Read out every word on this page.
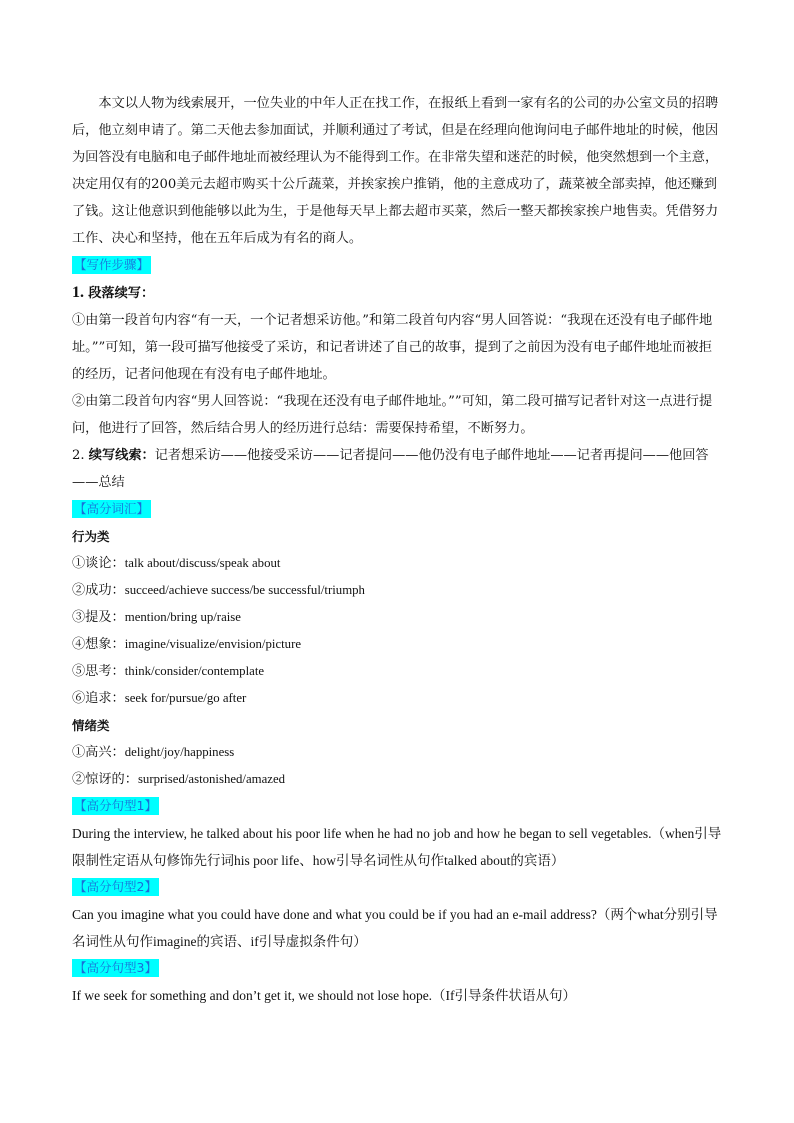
本文以人物为线索展开，一位失业的中年人正在找工作，在报纸上看到一家有名的公司的办公室文员的招聘后，他立刻申请了。第二天他去参加面试，并顺利通过了考试，但是在经理向他询问电子邮件地址的时候，他因为回答没有电脑和电子邮件地址而被经理认为不能得到工作。在非常失望和迷茫的时候，他突然想到一个主意，决定用仅有的200美元去超市购买十公斤蔬菜，并挨家挨户推销，他的主意成功了，蔬菜被全部卖掉，他还赚到了钱。这让他意识到他能够以此为生，于是他每天早上都去超市买菜，然后一整天都挨家挨户地售卖。凭借努力工作、决心和坚持，他在五年后成为有名的商人。

【写作步骤】

1. 段落续写：

①由第一段首句内容“有一天，一个记者想采访他。”和第二段首句内容“男人回答说：“我现在还没有电子邮件地址。””可知，第一段可描写他接受了采访，和记者讲述了自己的故事，提到了之前因为没有电子邮件地址而被拒的经历，记者问他现在有没有电子邮件地址。

②由第二段首句内容“男人回答说：“我现在还没有电子邮件地址。””可知，第二段可描写记者针对这一点进行提问，他进行了回答，然后结合男人的经历进行总结：需要保持希望，不断努力。

2. 续写线索：记者想采访——他接受采访——记者提问——他仍没有电子邮件地址——记者再提问——他回答——总结

【高分词汇】

行为类

①谈论：talk about/discuss/speak about

②成功：succeed/achieve success/be successful/triumph

③提及：mention/bring up/raise

④想象：imagine/visualize/envision/picture

⑤思考：think/consider/contemplate

⑥追求：seek for/pursue/go after

情绪类

①高兴：delight/joy/happiness

②惊讶的：surprised/astonished/amazed

【高分句型1】

During the interview, he talked about his poor life when he had no job and how he began to sell vegetables.（when引导限制性定语从句修饰先行词his poor life、how引导名词性从句作talked about的宾语）

【高分句型2】

Can you imagine what you could have done and what you could be if you had an e-mail address?（两个what分别引导名词性从句作imagine的宾语、if引导虚拟条件句）

【高分句型3】

If we seek for something and don’t get it, we should not lose hope.（If引导条件状语从句）
